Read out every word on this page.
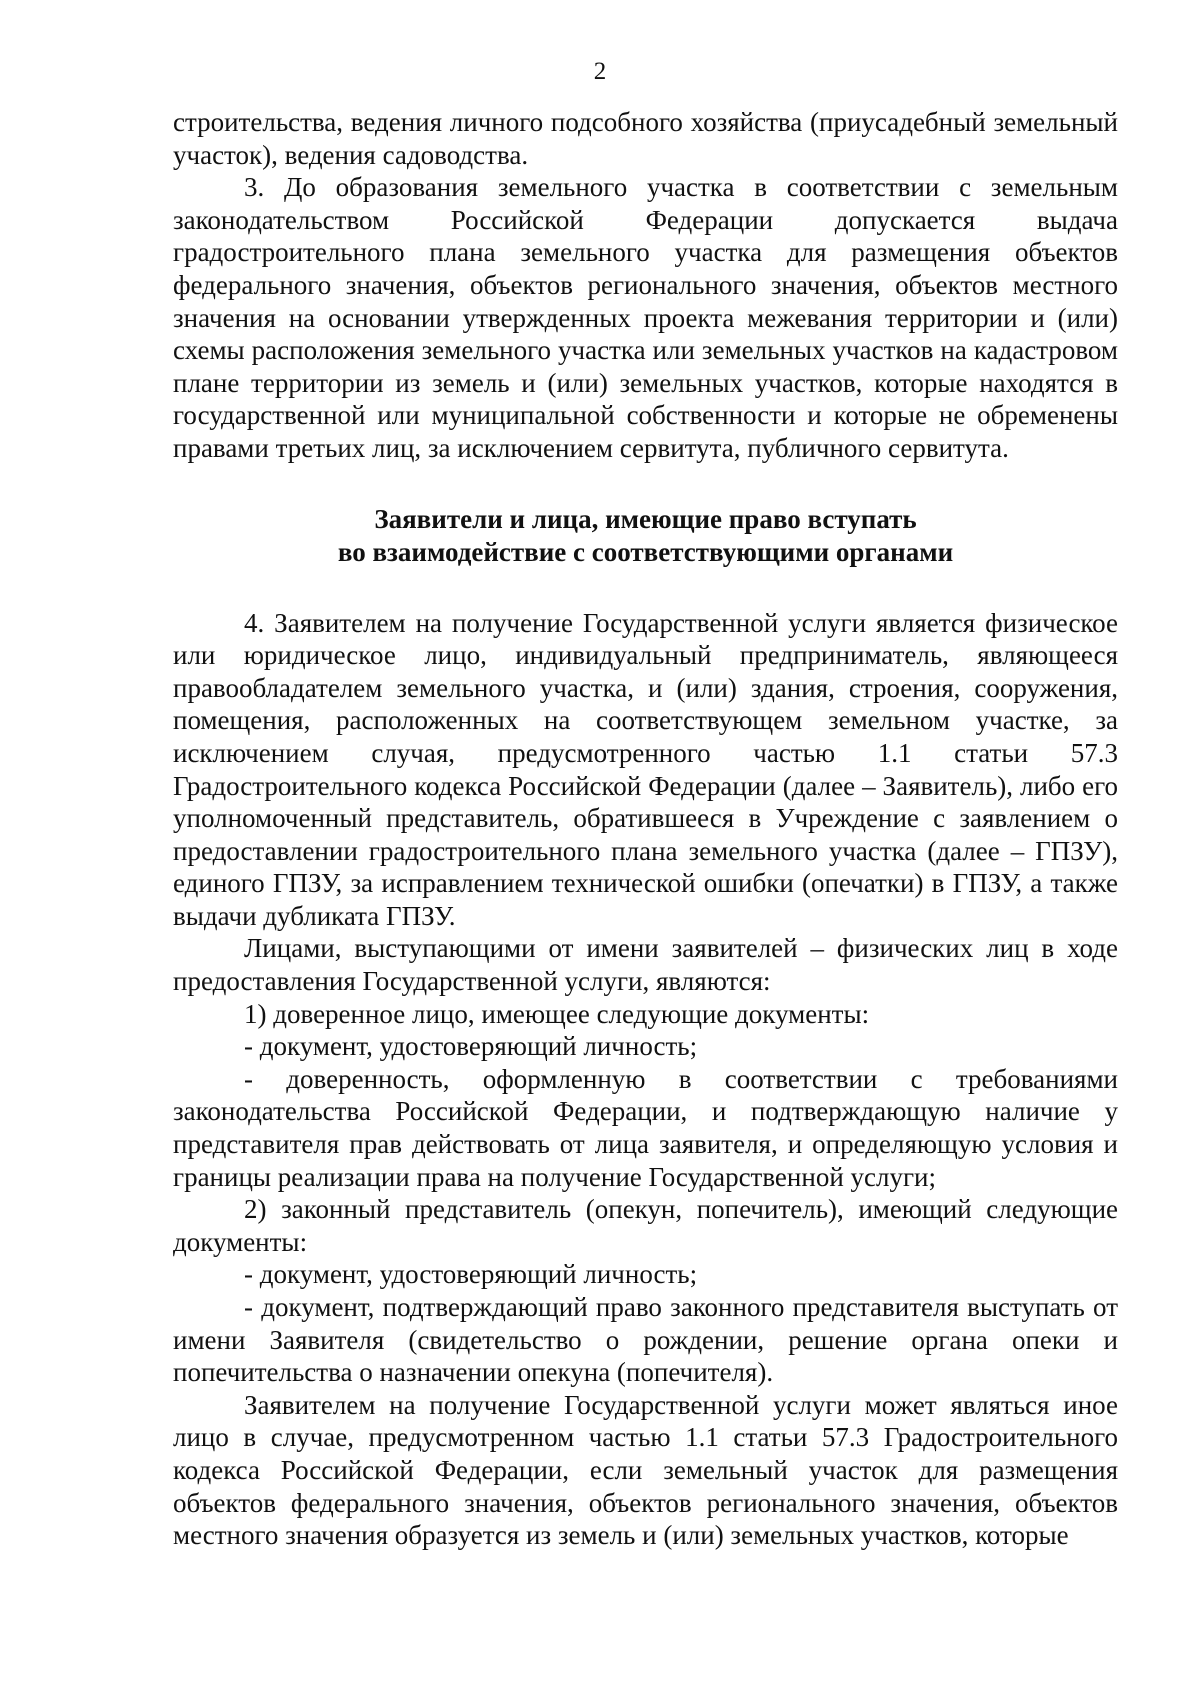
2

строительства, ведения личного подсобного хозяйства (приусадебный земельный участок), ведения садоводства.

3. До образования земельного участка в соответствии с земельным законодательством Российской Федерации допускается выдача градостроительного плана земельного участка для размещения объектов федерального значения, объектов регионального значения, объектов местного значения на основании утвержденных проекта межевания территории и (или) схемы расположения земельного участка или земельных участков на кадастровом плане территории из земель и (или) земельных участков, которые находятся в государственной или муниципальной собственности и которые не обременены правами третьих лиц, за исключением сервитута, публичного сервитута.

Заявители и лица, имеющие право вступать
во взаимодействие с соответствующими органами

4. Заявителем на получение Государственной услуги является физическое или юридическое лицо, индивидуальный предприниматель, являющееся правообладателем земельного участка, и (или) здания, строения, сооружения, помещения, расположенных на соответствующем земельном участке, за исключением случая, предусмотренного частью 1.1 статьи 57.3 Градостроительного кодекса Российской Федерации (далее – Заявитель), либо его уполномоченный представитель, обратившееся в Учреждение с заявлением о предоставлении градостроительного плана земельного участка (далее – ГПЗУ), единого ГПЗУ, за исправлением технической ошибки (опечатки) в ГПЗУ, а также выдачи дубликата ГПЗУ.

Лицами, выступающими от имени заявителей – физических лиц в ходе предоставления Государственной услуги, являются:

1) доверенное лицо, имеющее следующие документы:

- документ, удостоверяющий личность;

- доверенность, оформленную в соответствии с требованиями законодательства Российской Федерации, и подтверждающую наличие у представителя прав действовать от лица заявителя, и определяющую условия и границы реализации права на получение Государственной услуги;

2) законный представитель (опекун, попечитель), имеющий следующие документы:

- документ, удостоверяющий личность;

- документ, подтверждающий право законного представителя выступать от имени Заявителя (свидетельство о рождении, решение органа опеки и попечительства о назначении опекуна (попечителя).

Заявителем на получение Государственной услуги может являться иное лицо в случае, предусмотренном частью 1.1 статьи 57.3 Градостроительного кодекса Российской Федерации, если земельный участок для размещения объектов федерального значения, объектов регионального значения, объектов местного значения образуется из земель и (или) земельных участков, которые
